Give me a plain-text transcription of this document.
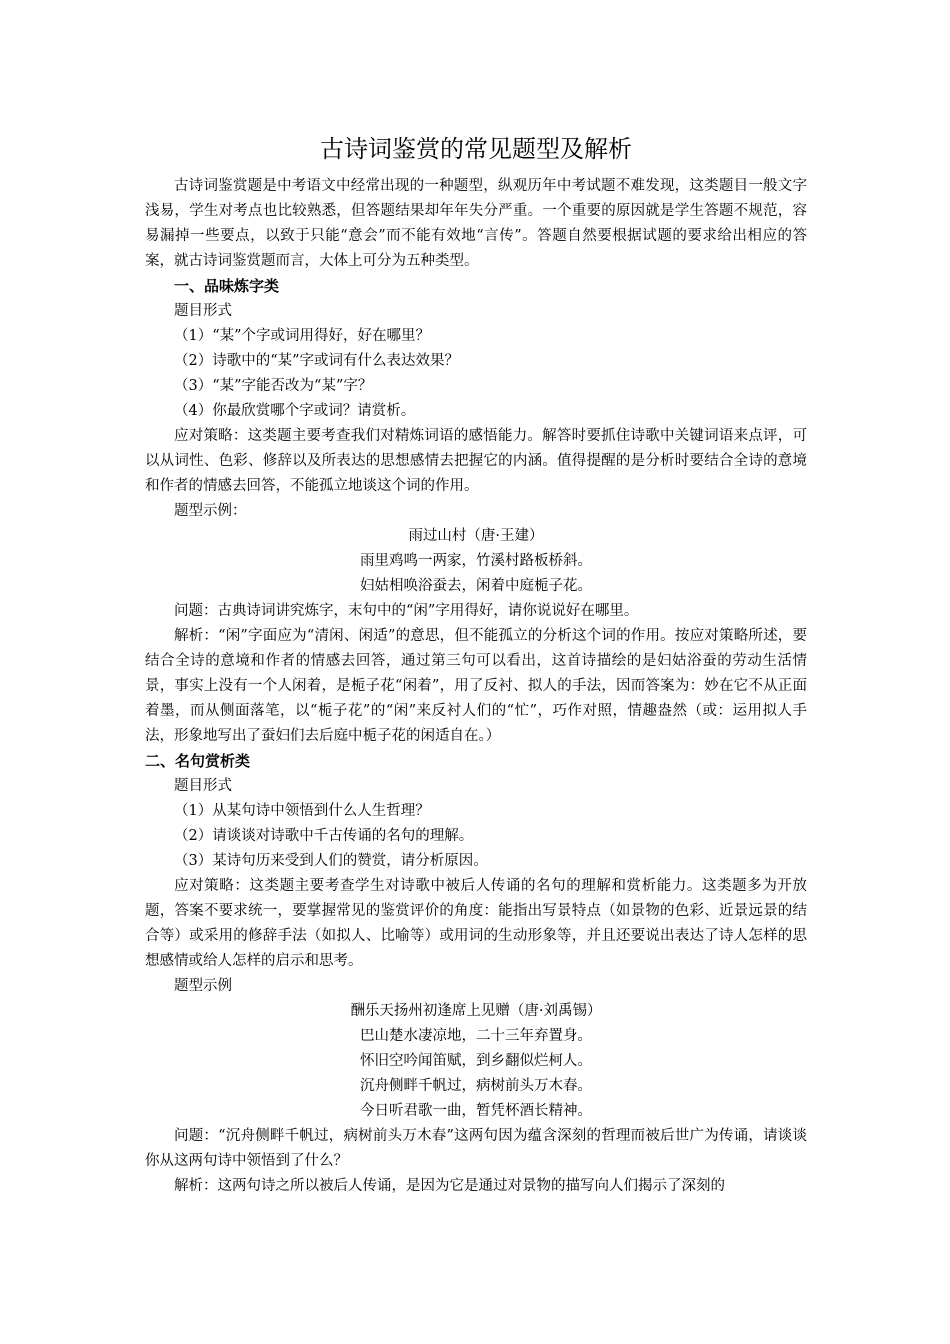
古诗词鉴赏的常见题型及解析

古诗词鉴赏题是中考语文中经常出现的一种题型，纵观历年中考试题不难发现，这类题目一般文字浅易，学生对考点也比较熟悉，但答题结果却年年失分严重。一个重要的原因就是学生答题不规范，容易漏掉一些要点，以致于只能“意会”而不能有效地“言传”。答题自然要根据试题的要求给出相应的答案，就古诗词鉴赏题而言，大体上可分为五种类型。

一、品味炼字类

题目形式

（1）“某”个字或词用得好，好在哪里？

（2）诗歌中的“某”字或词有什么表达效果？

（3）“某”字能否改为“某”字？

（4）你最欣赏哪个字或词？请赏析。

应对策略：这类题主要考查我们对精炼词语的感悟能力。解答时要抓住诗歌中关键词语来点评，可以从词性、色彩、修辞以及所表达的思想感情去把握它的内涵。值得提醒的是分析时要结合全诗的意境和作者的情感去回答，不能孤立地谈这个词的作用。

题型示例：

雨过山村（唐·王建）

雨里鸡鸣一两家，竹溪村路板桥斜。

妇姑相唤浴蚕去，闲着中庭栀子花。

问题：古典诗词讲究炼字，末句中的“闲”字用得好，请你说说好在哪里。

解析：“闲”字面应为“清闲、闲适”的意思，但不能孤立的分析这个词的作用。按应对策略所述，要结合全诗的意境和作者的情感去回答，通过第三句可以看出，这首诗描绘的是妇姑浴蚕的劳动生活情景，事实上没有一个人闲着，是栀子花“闲着”，用了反衬、拟人的手法，因而答案为：妙在它不从正面着墨，而从侧面落笔，以“栀子花”的“闲”来反衬人们的“忙”，巧作对照，情趣盎然（或：运用拟人手法，形象地写出了蚕妇们去后庭中栀子花的闲适自在。）

二、名句赏析类

题目形式

（1）从某句诗中领悟到什么人生哲理？

（2）请谈谈对诗歌中千古传诵的名句的理解。

（3）某诗句历来受到人们的赞赏，请分析原因。

应对策略：这类题主要考查学生对诗歌中被后人传诵的名句的理解和赏析能力。这类题多为开放题，答案不要求统一，要掌握常见的鉴赏评价的角度：能指出写景特点（如景物的色彩、近景远景的结合等）或采用的修辞手法（如拟人、比喻等）或用词的生动形象等，并且还要说出表达了诗人怎样的思想感情或给人怎样的启示和思考。

题型示例

酬乐天扬州初逢席上见赠（唐·刘禹锡）

巴山楚水凄凉地，二十三年弃置身。

怀旧空吟闻笛赋，到乡翻似烂柯人。

沉舟侧畔千帆过，病树前头万木春。

今日听君歌一曲，暂凭杯酒长精神。

问题：“沉舟侧畔千帆过，病树前头万木春”这两句因为蕴含深刻的哲理而被后世广为传诵，请谈谈你从这两句诗中领悟到了什么？

解析：这两句诗之所以被后人传诵，是因为它是通过对景物的描写向人们揭示了深刻的
